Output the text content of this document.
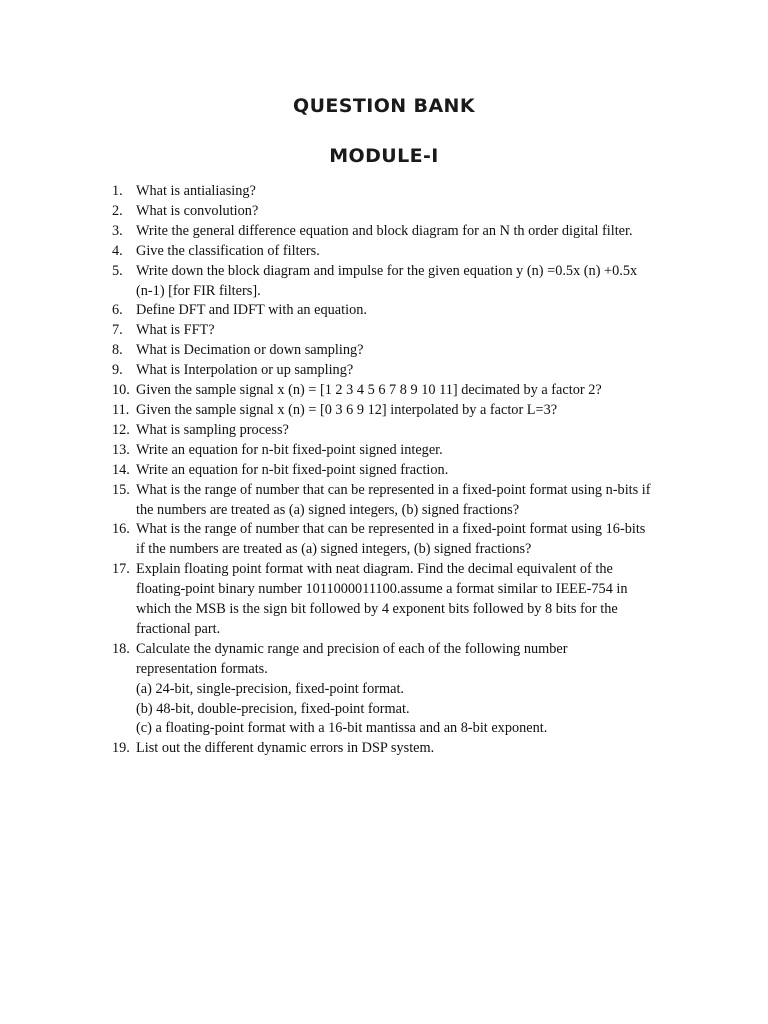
QUESTION BANK
MODULE-I
1. What is antialiasing?
2. What is convolution?
3. Write the general difference equation and block diagram for an N th order digital filter.
4. Give the classification of filters.
5. Write down the block diagram and impulse for the given equation y (n) =0.5x (n) +0.5x
(n-1) [for FIR filters].
6. Define DFT and IDFT with an equation.
7. What is FFT?
8. What is Decimation or down sampling?
9. What is Interpolation or up sampling?
10. Given the sample signal x (n) = [1 2 3 4 5 6 7 8 9 10 11] decimated by a factor 2?
11. Given the sample signal x (n) = [0 3 6 9 12] interpolated by a factor L=3?
12. What is sampling process?
13. Write an equation for n-bit fixed-point signed integer.
14. Write an equation for n-bit fixed-point signed fraction.
15. What is the range of number that can be represented in a fixed-point format using n-bits if
the numbers are treated as (a) signed integers, (b) signed fractions?
16. What is the range of number that can be represented in a fixed-point format using 16-bits
if the numbers are treated as (a) signed integers, (b) signed fractions?
17. Explain floating point format with neat diagram. Find the decimal equivalent of the
floating-point binary number 1011000011100.assume a format similar to IEEE-754 in
which the MSB is the sign bit followed by 4 exponent bits followed by 8 bits for the
fractional part.
18. Calculate the dynamic range and precision of each of the following number
representation formats.
(a) 24-bit, single-precision, fixed-point format.
(b) 48-bit, double-precision, fixed-point format.
(c) a floating-point format with a 16-bit mantissa and an 8-bit exponent.
19. List out the different dynamic errors in DSP system.
